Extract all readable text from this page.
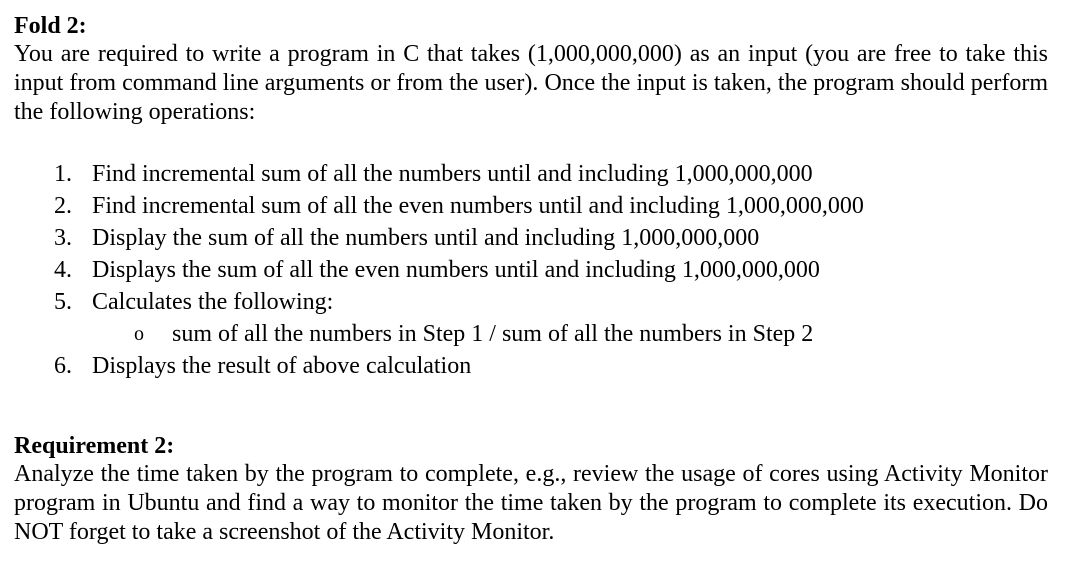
Fold 2:

You are required to write a program in C that takes (1,000,000,000) as an input (you are free to take this input from command line arguments or from the user). Once the input is taken, the program should perform the following operations:

1. Find incremental sum of all the numbers until and including 1,000,000,000
2. Find incremental sum of all the even numbers until and including 1,000,000,000
3. Display the sum of all the numbers until and including 1,000,000,000
4. Displays the sum of all the even numbers until and including 1,000,000,000
5. Calculates the following:
o sum of all the numbers in Step 1 / sum of all the numbers in Step 2
6. Displays the result of above calculation

Requirement 2:

Analyze the time taken by the program to complete, e.g., review the usage of cores using Activity Monitor program in Ubuntu and find a way to monitor the time taken by the program to complete its execution. Do NOT forget to take a screenshot of the Activity Monitor.
